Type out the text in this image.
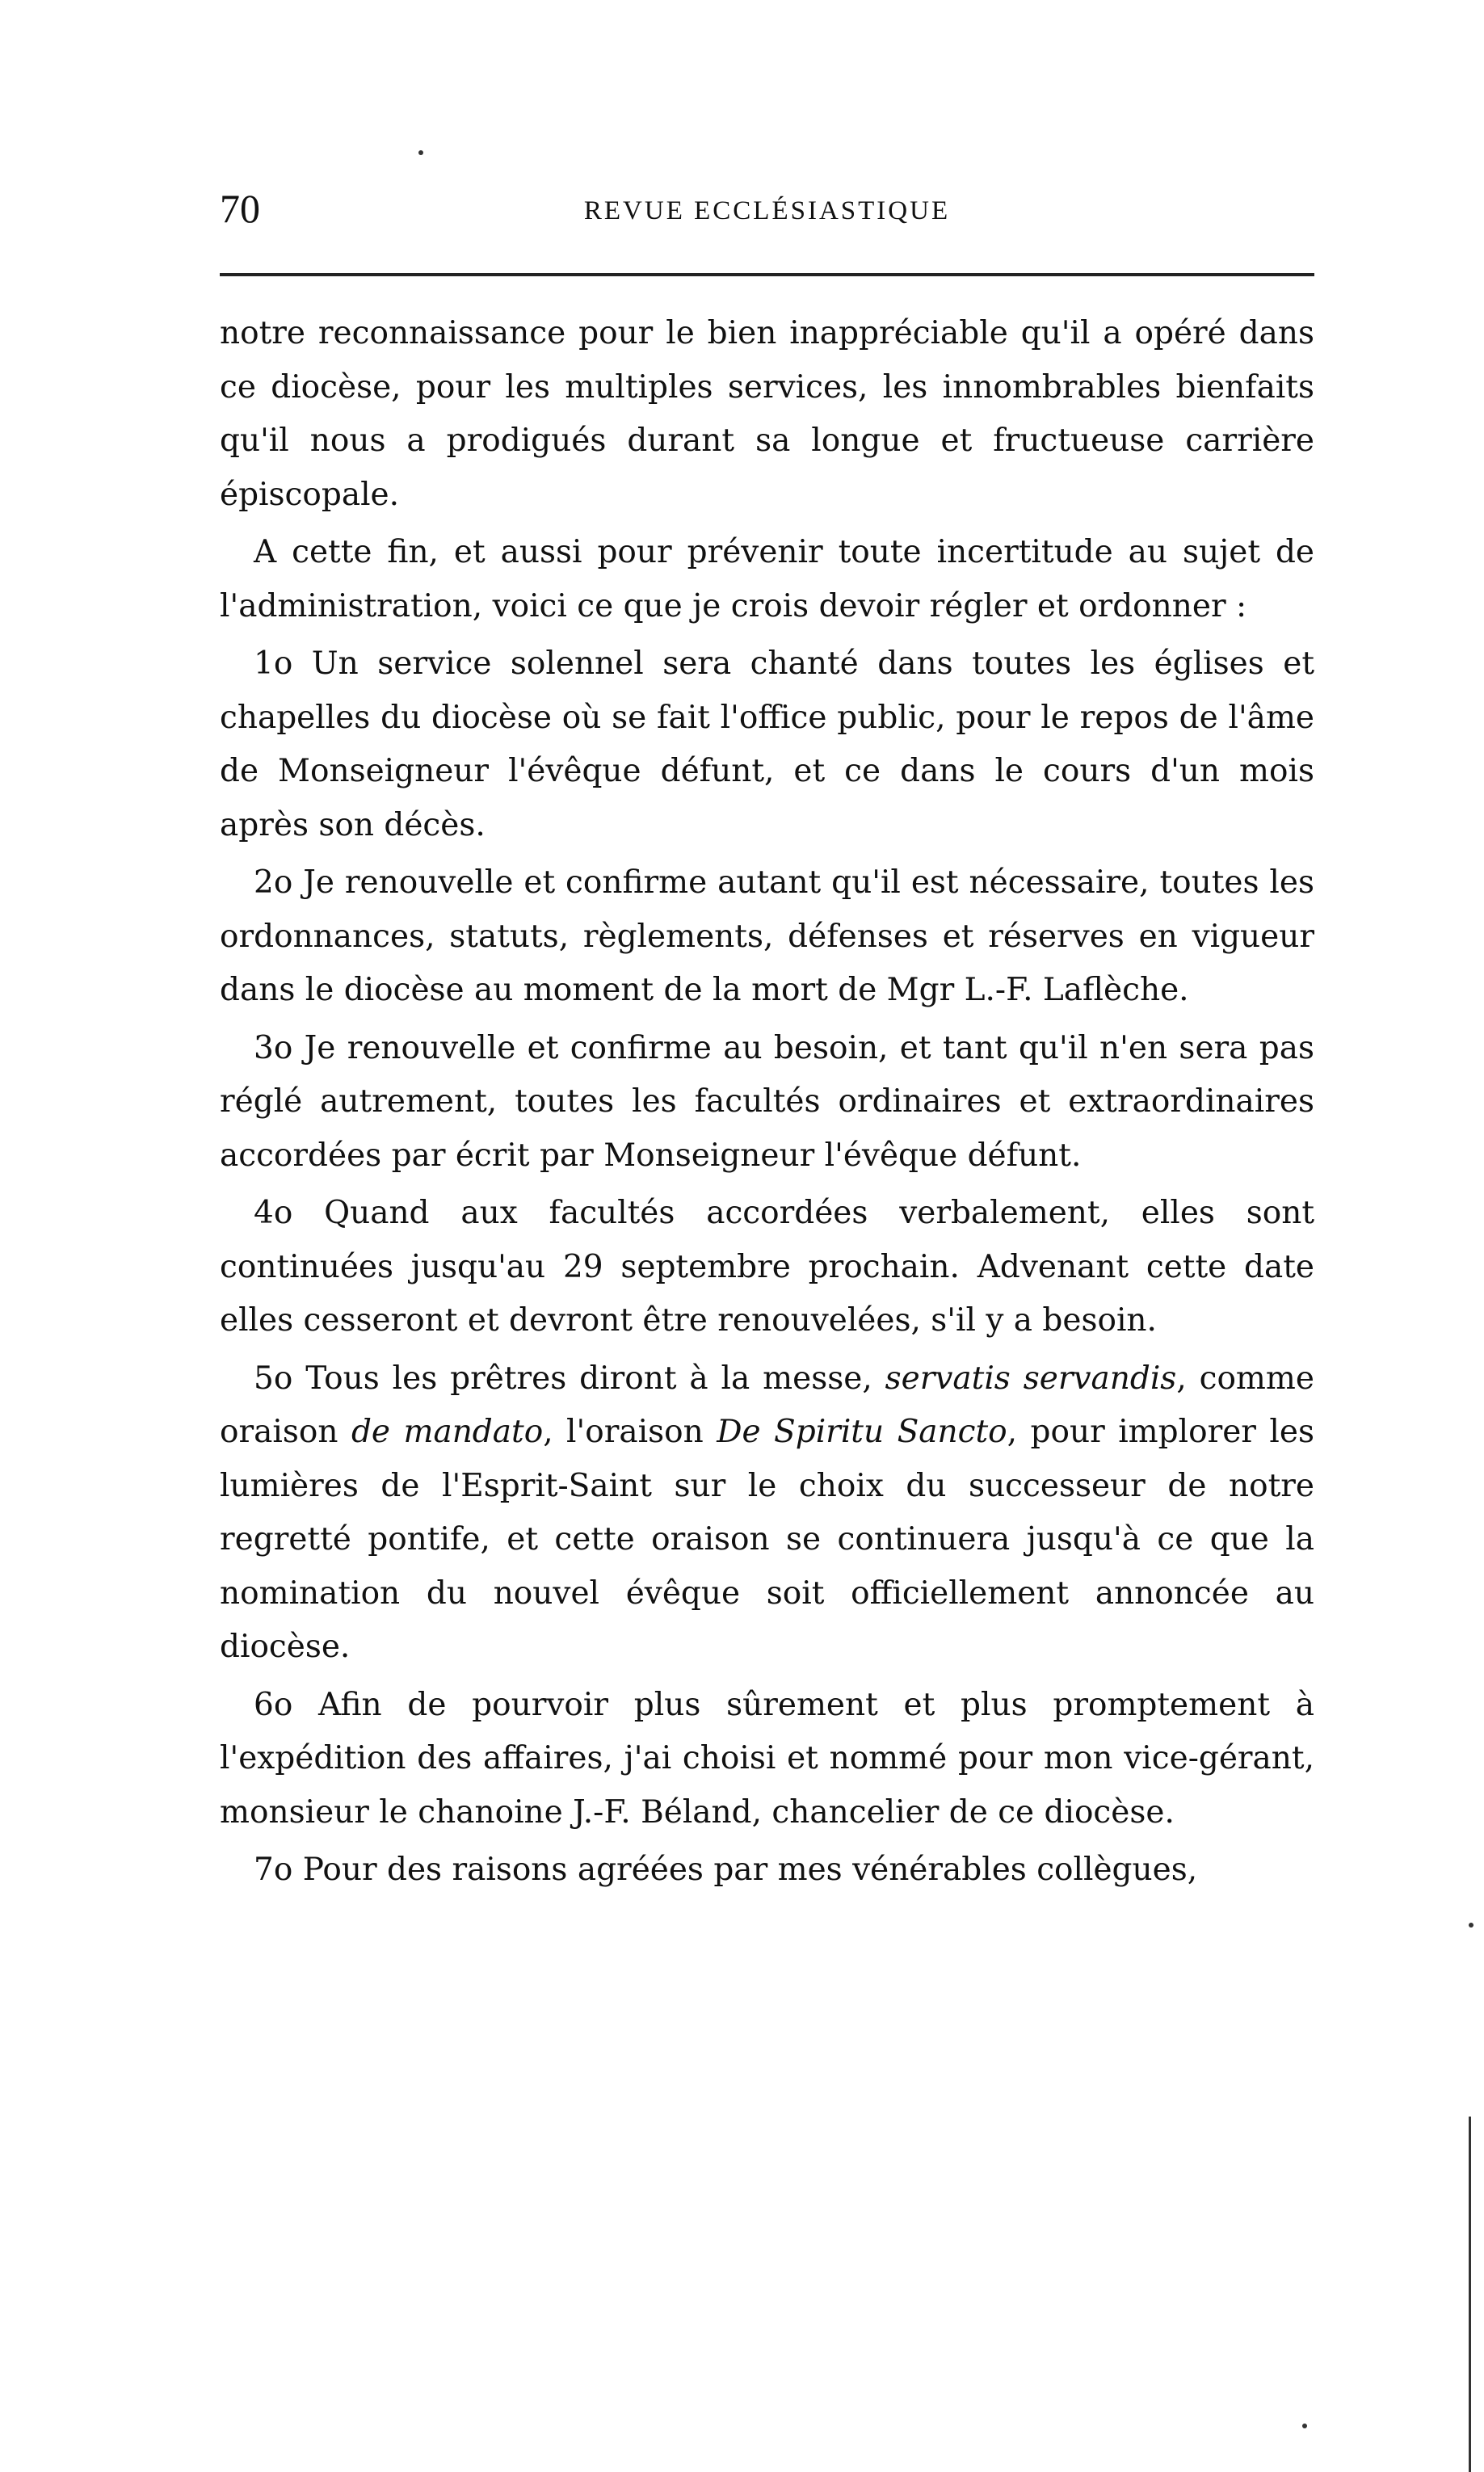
70	REVUE ECCLÉSIASTIQUE

notre reconnaissance pour le bien inappréciable qu'il a opéré dans ce diocèse, pour les multiples services, les innombrables bienfaits qu'il nous a prodigués durant sa longue et fructueuse carrière épiscopale.

A cette fin, et aussi pour prévenir toute incertitude au sujet de l'administration, voici ce que je crois devoir régler et ordonner :

1o Un service solennel sera chanté dans toutes les églises et chapelles du diocèse où se fait l'office public, pour le repos de l'âme de Monseigneur l'évêque défunt, et ce dans le cours d'un mois après son décès.

2o Je renouvelle et confirme autant qu'il est nécessaire, toutes les ordonnances, statuts, règlements, défenses et réserves en vigueur dans le diocèse au moment de la mort de Mgr L.-F. Laflèche.

3o Je renouvelle et confirme au besoin, et tant qu'il n'en sera pas réglé autrement, toutes les facultés ordinaires et extraordinaires accordées par écrit par Monseigneur l'évêque défunt.

4o Quand aux facultés accordées verbalement, elles sont continuées jusqu'au 29 septembre prochain. Advenant cette date elles cesseront et devront être renouvelées, s'il y a besoin.

5o Tous les prêtres diront à la messe, servatis servandis, comme oraison de mandato, l'oraison De Spiritu Sancto, pour implorer les lumières de l'Esprit-Saint sur le choix du successeur de notre regretté pontife, et cette oraison se continuera jusqu'à ce que la nomination du nouvel évêque soit officiellement annoncée au diocèse.

6o Afin de pourvoir plus sûrement et plus promptement à l'expédition des affaires, j'ai choisi et nommé pour mon vice-gérant, monsieur le chanoine J.-F. Béland, chancelier de ce diocèse.

7o Pour des raisons agréées par mes vénérables collègues,
